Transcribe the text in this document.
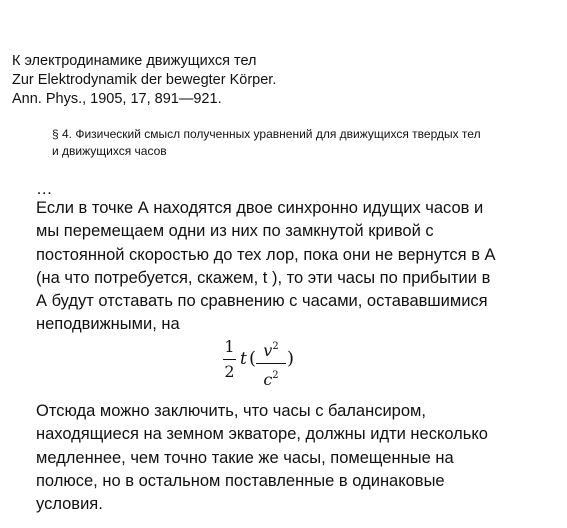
К электродинамике движущихся тел
Zur Elektrodynamik der bewegter Körper.
Ann. Phys., 1905, 17, 891—921.
§ 4. Физический смысл полученных уравнений для движущихся твердых тел
и движущихся часов
…
Если в точке А находятся двое синхронно идущих часов и
мы перемещаем одни из них по замкнутой кривой с
постоянной скоростью до тех лор, пока они не вернутся в А
(на что потребуется, скажем, t ), то эти часы по прибытии в
А будут отставать по сравнению с часами, остававшимися
неподвижными, на
1
2
t ( $v^2$
$c^2$
)
Отсюда можно заключить, что часы с балансиром,
находящиеся на земном экваторе, должны идти несколько
медленнее, чем точно такие же часы, помещенные на
полюсе, но в остальном поставленные в одинаковые
условия.
